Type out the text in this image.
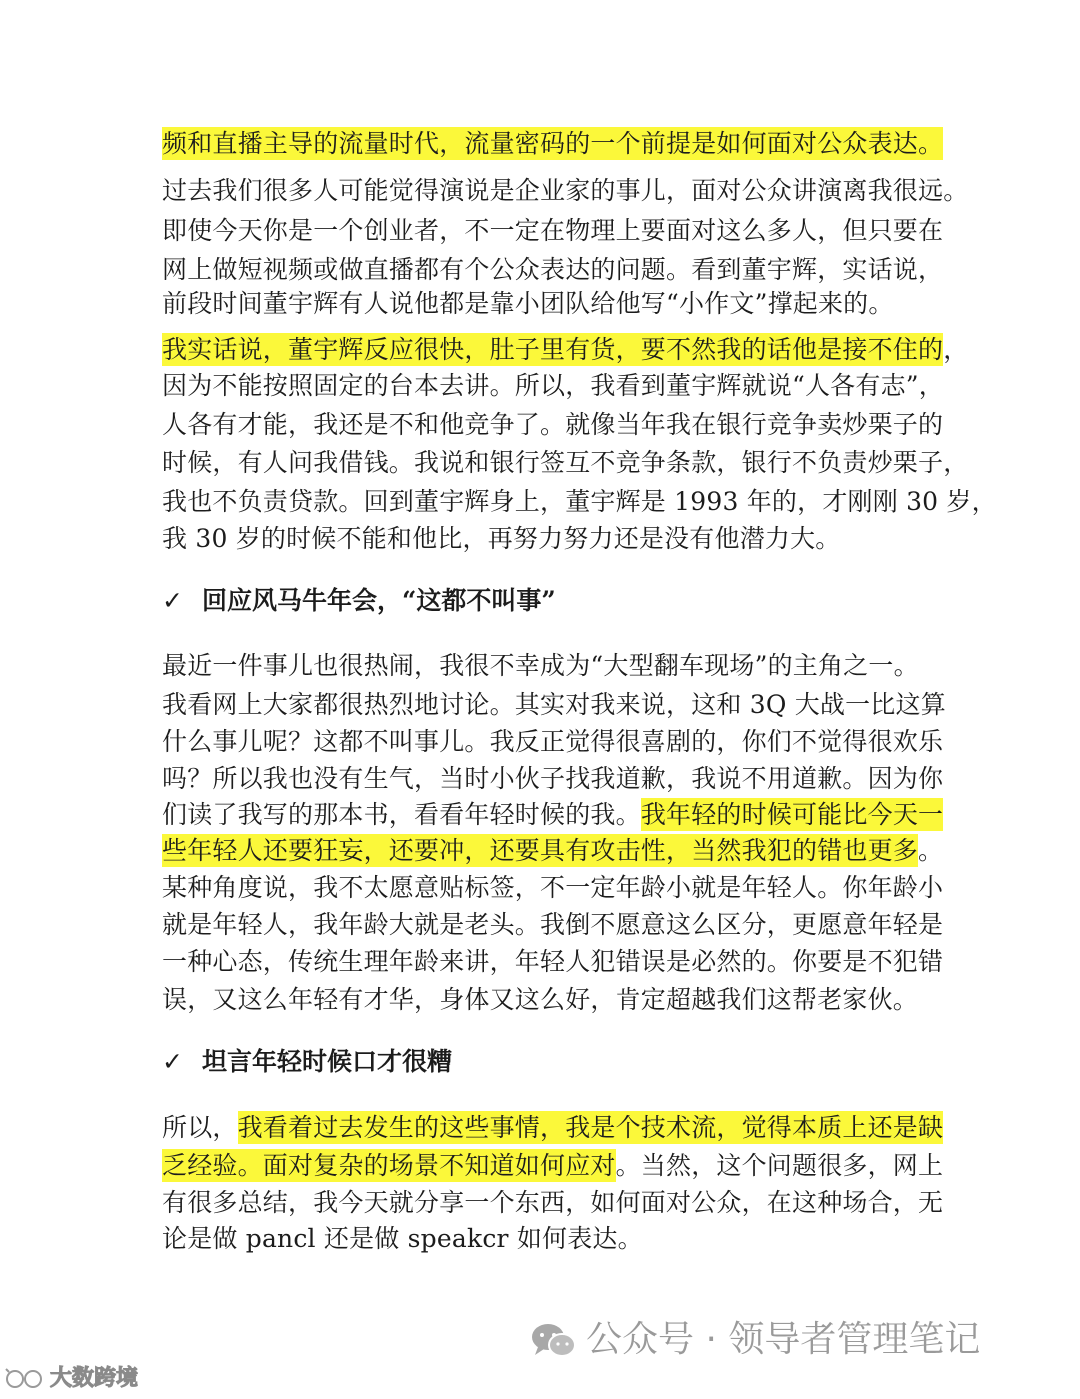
频和直播主导的流量时代，流量密码的一个前提是如何面对公众表达。
过去我们很多人可能觉得演说是企业家的事儿，面对公众讲演离我很远。
即使今天你是一个创业者，不一定在物理上要面对这么多人，但只要在
网上做短视频或做直播都有个公众表达的问题。看到董宇辉，实话说，
前段时间董宇辉有人说他都是靠小团队给他写“小作文”撑起来的。
我实话说，董宇辉反应很快，肚子里有货，要不然我的话他是接不住的，
因为不能按照固定的台本去讲。所以，我看到董宇辉就说“人各有志”，
人各有才能，我还是不和他竞争了。就像当年我在银行竞争卖炒栗子的
时候，有人问我借钱。我说和银行签互不竞争条款，银行不负责炒栗子，
我也不负责贷款。回到董宇辉身上，董宇辉是 1993 年的，才刚刚 30 岁，
我 30 岁的时候不能和他比，再努力努力还是没有他潜力大。
✓ 回应风马牛年会，“这都不叫事”
最近一件事儿也很热闹，我很不幸成为“大型翻车现场”的主角之一。
我看网上大家都很热烈地讨论。其实对我来说，这和 3Q 大战一比这算
什么事儿呢？这都不叫事儿。我反正觉得很喜剧的，你们不觉得很欢乐
吗？所以我也没有生气，当时小伙子找我道歉，我说不用道歉。因为你
们读了我写的那本书，看看年轻时候的我。我年轻的时候可能比今天一
些年轻人还要狂妄，还要冲，还要具有攻击性，当然我犯的错也更多。
某种角度说，我不太愿意贴标签，不一定年龄小就是年轻人。你年龄小
就是年轻人，我年龄大就是老头。我倒不愿意这么区分，更愿意年轻是
一种心态，传统生理年龄来讲，年轻人犯错误是必然的。你要是不犯错
误，又这么年轻有才华，身体又这么好，肯定超越我们这帮老家伙。
✓ 坦言年轻时候口才很糟
所以，我看着过去发生的这些事情，我是个技术流，觉得本质上还是缺
乏经验。面对复杂的场景不知道如何应对。当然，这个问题很多，网上
有很多总结，我今天就分享一个东西，如何面对公众，在这种场合，无
论是做 pancl 还是做 speakcr 如何表达。
公众号 · 领导者管理笔记
大数跨境
